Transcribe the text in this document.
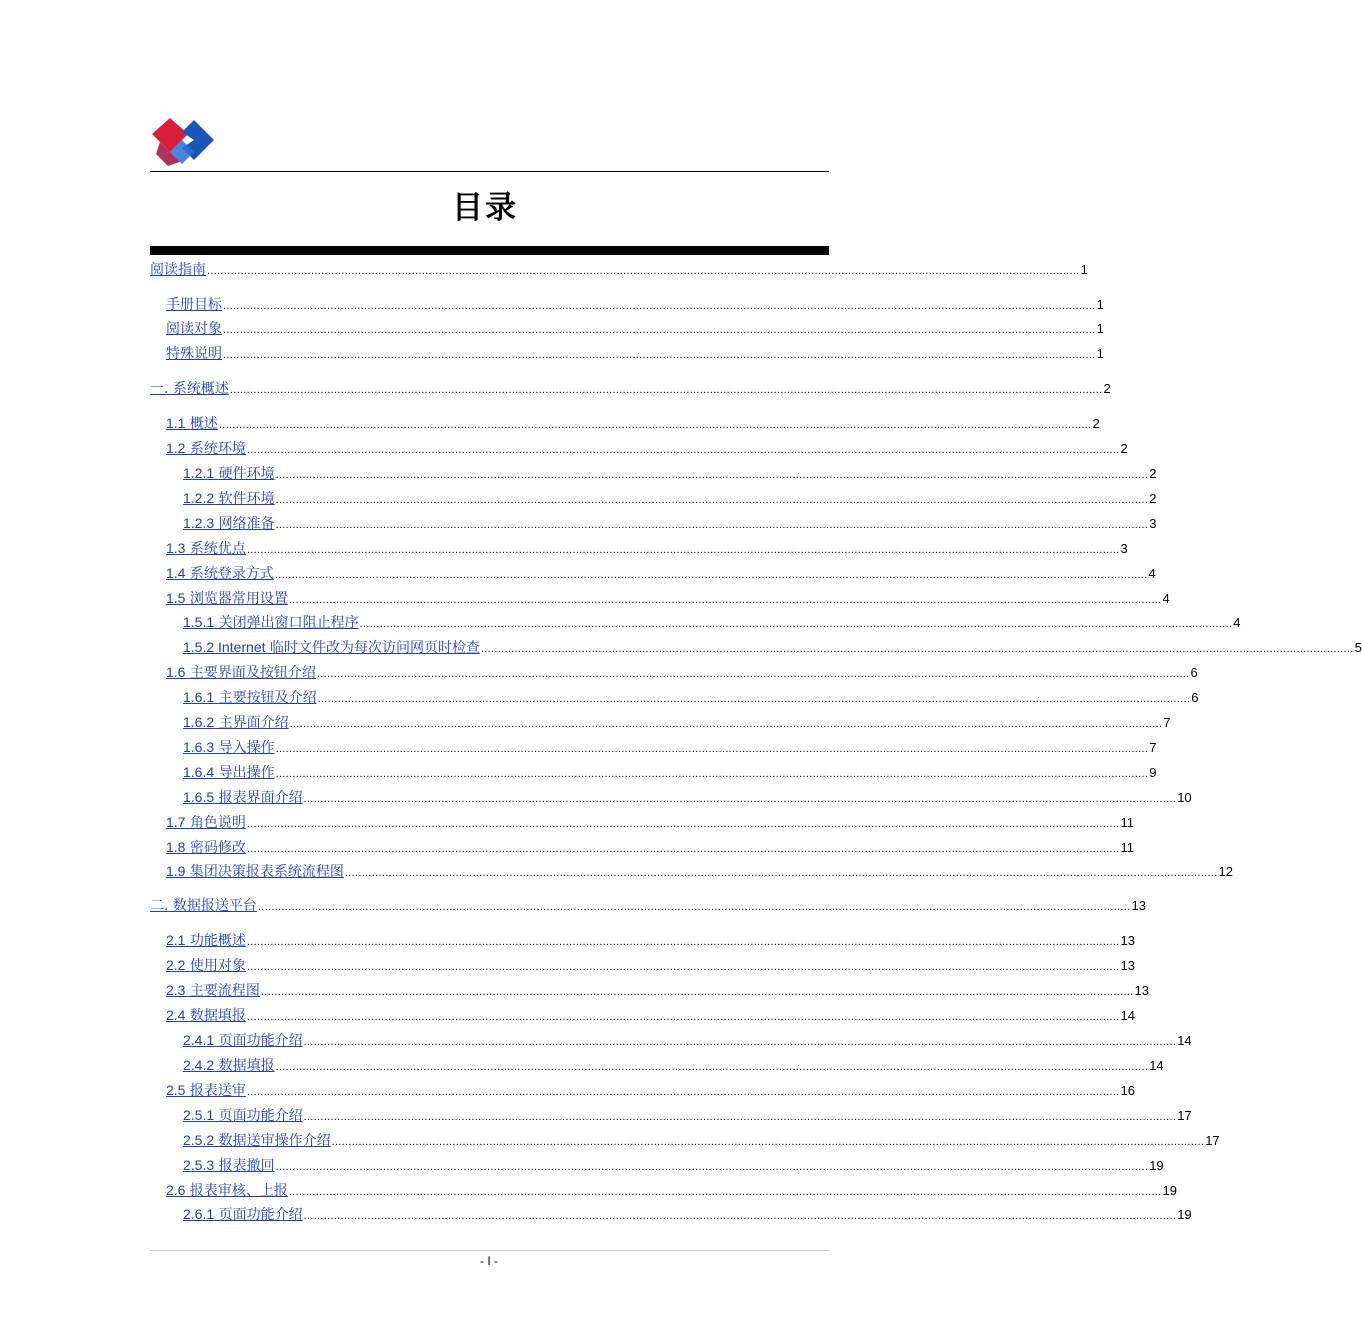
目录
阅读指南 .................................................................................................................................................................................................................................................................... 1
手册目标 .................................................................................................................................................................................................................................................................... 1
阅读对象 .................................................................................................................................................................................................................................................................... 1
特殊说明 .................................................................................................................................................................................................................................................................... 1
一. 系统概述 .................................................................................................................................................................................................................................................................... 2
1.1 概述 .................................................................................................................................................................................................................................................................... 2
1.2 系统环境 .................................................................................................................................................................................................................................................................... 2
1.2.1 硬件环境 .................................................................................................................................................................................................................................................................... 2
1.2.2 软件环境 .................................................................................................................................................................................................................................................................... 2
1.2.3 网络准备 .................................................................................................................................................................................................................................................................... 3
1.3 系统优点 .................................................................................................................................................................................................................................................................... 3
1.4 系统登录方式 .................................................................................................................................................................................................................................................................... 4
1.5 浏览器常用设置 .................................................................................................................................................................................................................................................................... 4
1.5.1 关闭弹出窗口阻止程序 .................................................................................................................................................................................................................................................................... 4
1.5.2 Internet 临时文件改为每次访问网页时检查 .................................................................................................................................................................................................................................................................... 5
1.6 主要界面及按钮介绍 .................................................................................................................................................................................................................................................................... 6
1.6.1 主要按钮及介绍 .................................................................................................................................................................................................................................................................... 6
1.6.2 主界面介绍 .................................................................................................................................................................................................................................................................... 7
1.6.3 导入操作 .................................................................................................................................................................................................................................................................... 7
1.6.4 导出操作 .................................................................................................................................................................................................................................................................... 9
1.6.5 报表界面介绍 .................................................................................................................................................................................................................................................................... 10
1.7 角色说明 .................................................................................................................................................................................................................................................................... 11
1.8 密码修改 .................................................................................................................................................................................................................................................................... 11
1.9 集团决策报表系统流程图 .................................................................................................................................................................................................................................................................... 12
二. 数据报送平台 .................................................................................................................................................................................................................................................................... 13
2.1 功能概述 .................................................................................................................................................................................................................................................................... 13
2.2 使用对象 .................................................................................................................................................................................................................................................................... 13
2.3 主要流程图 .................................................................................................................................................................................................................................................................... 13
2.4 数据填报 .................................................................................................................................................................................................................................................................... 14
2.4.1 页面功能介绍 .................................................................................................................................................................................................................................................................... 14
2.4.2 数据填报 .................................................................................................................................................................................................................................................................... 14
2.5 报表送审 .................................................................................................................................................................................................................................................................... 16
2.5.1 页面功能介绍 .................................................................................................................................................................................................................................................................... 17
2.5.2 数据送审操作介绍 .................................................................................................................................................................................................................................................................... 17
2.5.3 报表撤回 .................................................................................................................................................................................................................................................................... 19
2.6 报表审核、上报 .................................................................................................................................................................................................................................................................... 19
2.6.1 页面功能介绍 .................................................................................................................................................................................................................................................................... 19
- I -
